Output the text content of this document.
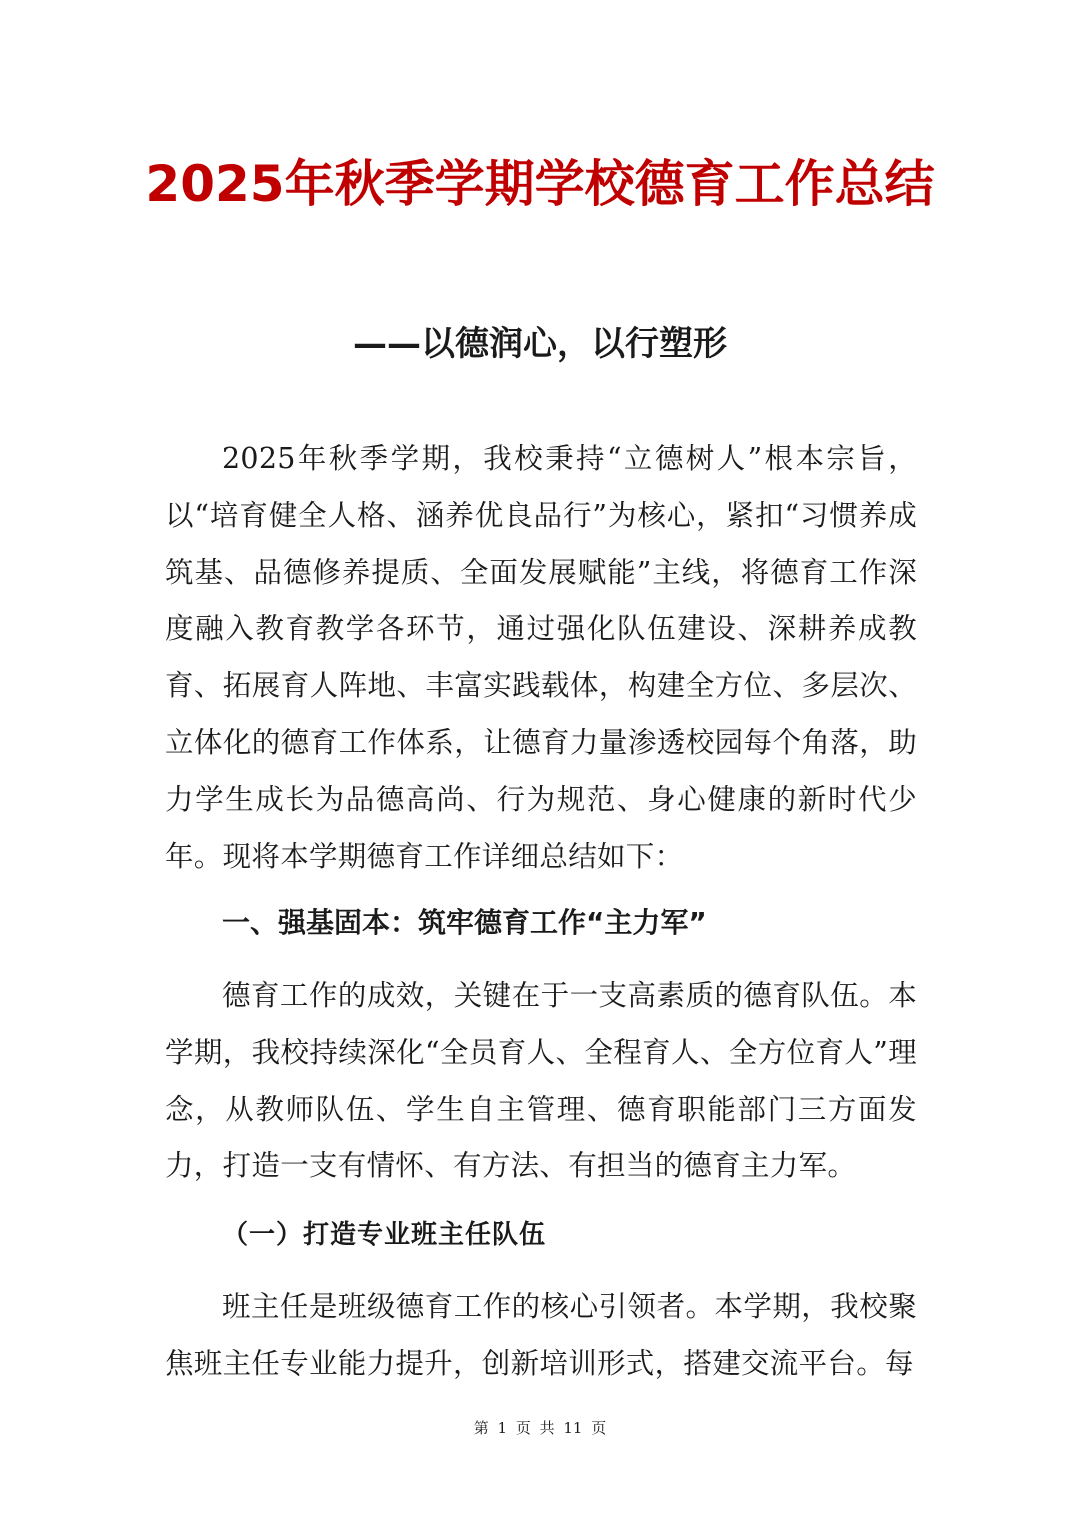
2025年秋季学期学校德育工作总结
——以德润心，以行塑形

2025年秋季学期，我校秉持“立德树人”根本宗旨，以“培育健全人格、涵养优良品行”为核心，紧扣“习惯养成筑基、品德修养提质、全面发展赋能”主线，将德育工作深度融入教育教学各环节，通过强化队伍建设、深耕养成教育、拓展育人阵地、丰富实践载体，构建全方位、多层次、立体化的德育工作体系，让德育力量渗透校园每个角落，助力学生成长为品德高尚、行为规范、身心健康的新时代少年。现将本学期德育工作详细总结如下：

一、强基固本：筑牢德育工作“主力军”

德育工作的成效，关键在于一支高素质的德育队伍。本学期，我校持续深化“全员育人、全程育人、全方位育人”理念，从教师队伍、学生自主管理、德育职能部门三方面发力，打造一支有情怀、有方法、有担当的德育主力军。

（一）打造专业班主任队伍

班主任是班级德育工作的核心引领者。本学期，我校聚焦班主任专业能力提升，创新培训形式，搭建交流平台。每

第 1 页 共 11 页
